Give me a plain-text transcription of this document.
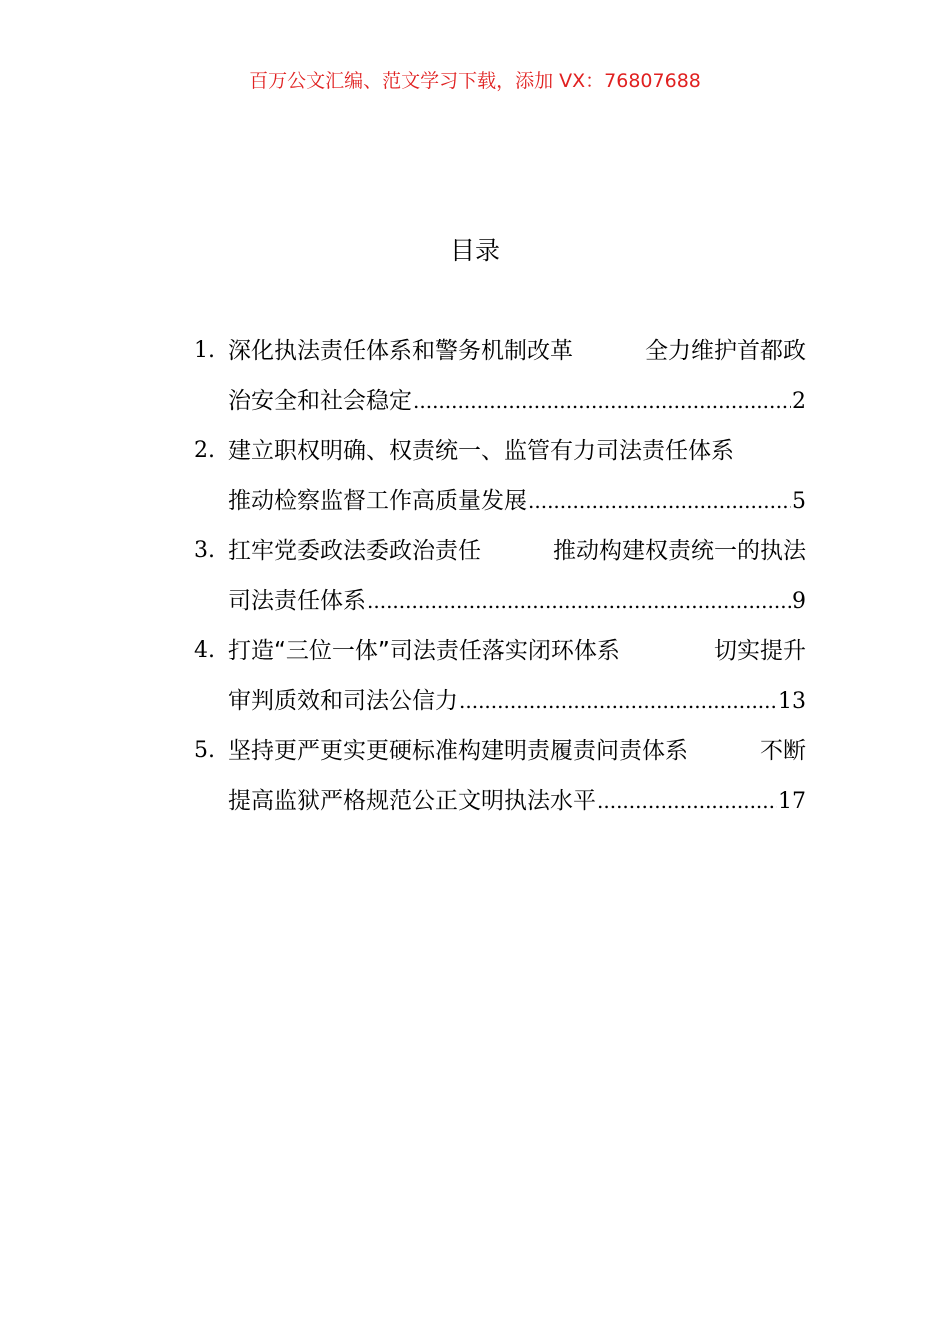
百万公文汇编、范文学习下载，添加 VX：76807688
目录
1. 深化执法责任体系和警务机制改革	全力维护首都政
治安全和社会稳定 .....	2
2. 建立职权明确、权责统一、监管有力司法责任体系
推动检察监督工作高质量发展 .....	5
3. 扛牢党委政法委政治责任	推动构建权责统一的执法
司法责任体系 .....	9
4. 打造“三位一体”司法责任落实闭环体系	切实提升
审判质效和司法公信力 .....	13
5. 坚持更严更实更硬标准构建明责履责问责体系	不断
提高监狱严格规范公正文明执法水平 .....	17
